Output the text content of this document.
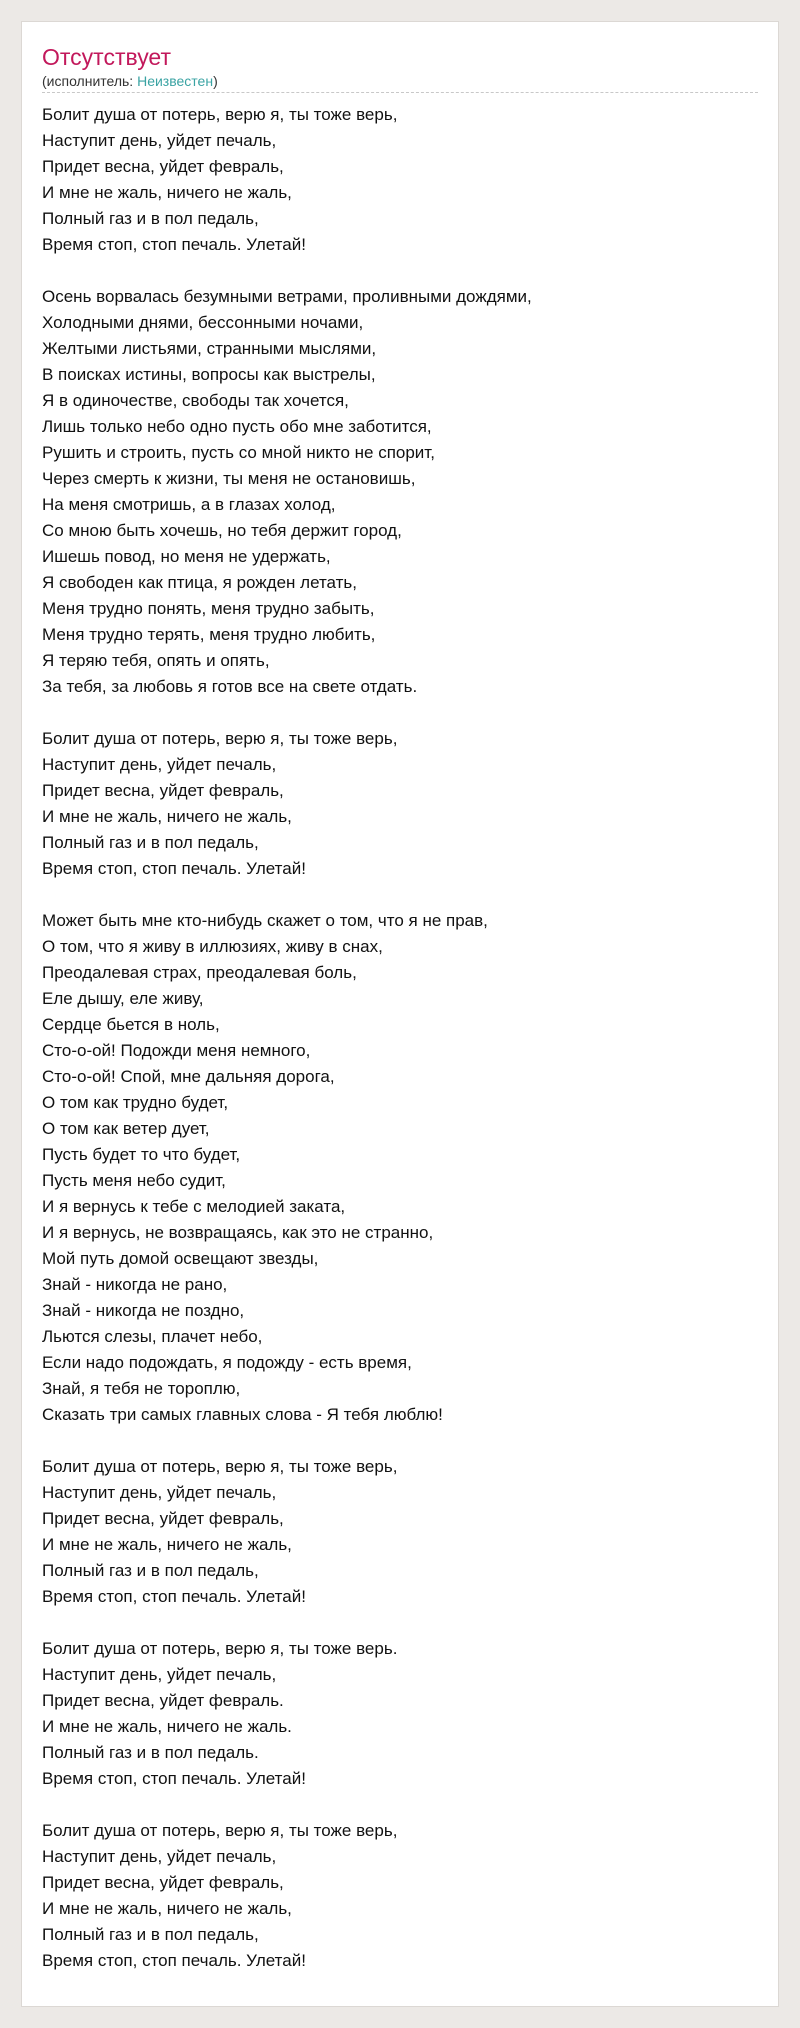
Отсутствует
(исполнитель: Неизвестен)
Болит душа от потерь, верю я, ты тоже верь,
Наступит день, уйдет печаль,
Придет весна, уйдет февраль,
И мне не жаль, ничего не жаль,
Полный газ и в пол педаль,
Время стоп, стоп печаль. Улетай!
Осень ворвалась безумными ветрами, проливными дождями,
Холодными днями, бессонными ночами,
Желтыми листьями, странными мыслями,
В поисках истины, вопросы как выстрелы,
Я в одиночестве, свободы так хочется,
Лишь только небо одно пусть обо мне заботится,
Рушить и строить, пусть со мной никто не спорит,
Через смерть к жизни, ты меня не остановишь,
На меня смотришь, а в глазах холод,
Со мною быть хочешь, но тебя держит город,
Ишешь повод, но меня не удержать,
Я свободен как птица, я рожден летать,
Меня трудно понять, меня трудно забыть,
Меня трудно терять, меня трудно любить,
Я теряю тебя, опять и опять,
За тебя, за любовь я готов все на свете отдать.
Болит душа от потерь, верю я, ты тоже верь,
Наступит день, уйдет печаль,
Придет весна, уйдет февраль,
И мне не жаль, ничего не жаль,
Полный газ и в пол педаль,
Время стоп, стоп печаль. Улетай!
Может быть мне кто-нибудь скажет о том, что я не прав,
О том, что я живу в иллюзиях, живу в снах,
Преодалевая страх, преодалевая боль,
Еле дышу, еле живу,
Сердце бьется в ноль,
Сто-о-ой! Подожди меня немного,
Сто-о-ой! Спой, мне дальняя дорога,
О том как трудно будет,
О том как ветер дует,
Пусть будет то что будет,
Пусть меня небо судит,
И я вернусь к тебе с мелодией заката,
И я вернусь, не возвращаясь, как это не странно,
Мой путь домой освещают звезды,
Знай - никогда не рано,
Знай - никогда не поздно,
Льются слезы, плачет небо,
Если надо подождать, я подожду - есть время,
Знай, я тебя не тороплю,
Сказать три самых главных слова - Я тебя люблю!
Болит душа от потерь, верю я, ты тоже верь,
Наступит день, уйдет печаль,
Придет весна, уйдет февраль,
И мне не жаль, ничего не жаль,
Полный газ и в пол педаль,
Время стоп, стоп печаль. Улетай!
Болит душа от потерь, верю я, ты тоже верь.
Наступит день, уйдет печаль,
Придет весна, уйдет февраль.
И мне не жаль, ничего не жаль.
Полный газ и в пол педаль.
Время стоп, стоп печаль. Улетай!
Болит душа от потерь, верю я, ты тоже верь,
Наступит день, уйдет печаль,
Придет весна, уйдет февраль,
И мне не жаль, ничего не жаль,
Полный газ и в пол педаль,
Время стоп, стоп печаль. Улетай!
